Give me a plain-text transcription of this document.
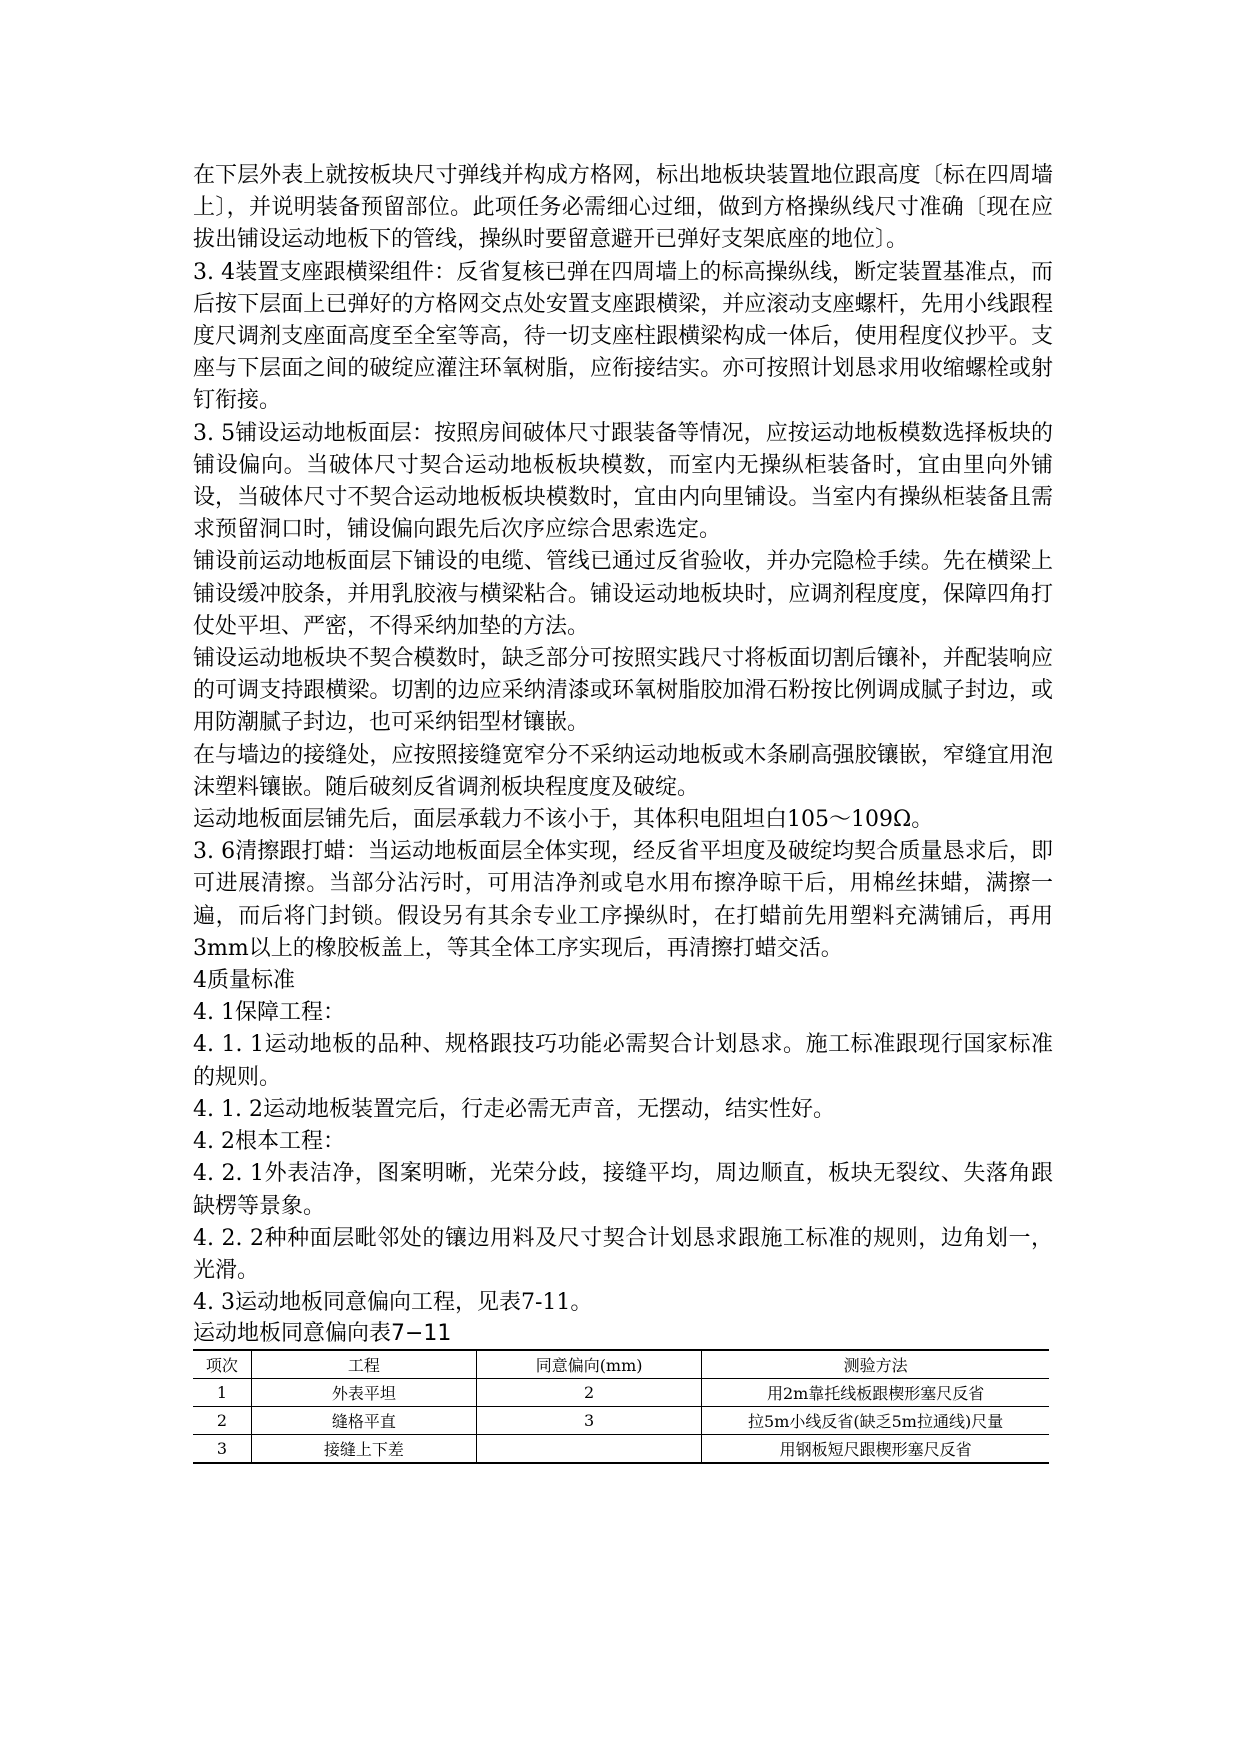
在下层外表上就按板块尺寸弹线并构成方格网，标出地板块装置地位跟高度〔标在四周墙上〕，并说明装备预留部位。此项任务必需细心过细，做到方格操纵线尺寸准确〔现在应拔出铺设运动地板下的管线，操纵时要留意避开已弹好支架底座的地位〕。

3. 4装置支座跟横梁组件：反省复核已弹在四周墙上的标高操纵线，断定装置基准点，而后按下层面上已弹好的方格网交点处安置支座跟横梁，并应滚动支座螺杆，先用小线跟程度尺调剂支座面高度至全室等高，待一切支座柱跟横梁构成一体后，使用程度仪抄平。支座与下层面之间的破绽应灌注环氧树脂，应衔接结实。亦可按照计划恳求用收缩螺栓或射钉衔接。

3. 5铺设运动地板面层：按照房间破体尺寸跟装备等情况，应按运动地板模数选择板块的铺设偏向。当破体尺寸契合运动地板板块模数，而室内无操纵柜装备时，宜由里向外铺设，当破体尺寸不契合运动地板板块模数时，宜由内向里铺设。当室内有操纵柜装备且需求预留洞口时，铺设偏向跟先后次序应综合思索选定。

铺设前运动地板面层下铺设的电缆、管线已通过反省验收，并办完隐检手续。先在横梁上铺设缓冲胶条，并用乳胶液与横梁粘合。铺设运动地板块时，应调剂程度度，保障四角打仗处平坦、严密，不得采纳加垫的方法。

铺设运动地板块不契合模数时，缺乏部分可按照实践尺寸将板面切割后镶补，并配装响应的可调支持跟横梁。切割的边应采纳清漆或环氧树脂胶加滑石粉按比例调成腻子封边，或用防潮腻子封边，也可采纳铝型材镶嵌。

在与墙边的接缝处，应按照接缝宽窄分不采纳运动地板或木条刷高强胶镶嵌，窄缝宜用泡沫塑料镶嵌。随后破刻反省调剂板块程度度及破绽。

运动地板面层铺先后，面层承载力不该小于，其体积电阻坦白105～109Ω。

3. 6清擦跟打蜡：当运动地板面层全体实现，经反省平坦度及破绽均契合质量恳求后，即可进展清擦。当部分沾污时，可用洁净剂或皂水用布擦净晾干后，用棉丝抹蜡，满擦一遍，而后将门封锁。假设另有其余专业工序操纵时，在打蜡前先用塑料充满铺后，再用3mm以上的橡胶板盖上，等其全体工序实现后，再清擦打蜡交活。

4质量标准

4. 1保障工程：

4. 1. 1运动地板的品种、规格跟技巧功能必需契合计划恳求。施工标准跟现行国家标准的规则。

4. 1. 2运动地板装置完后，行走必需无声音，无摆动，结实性好。

4. 2根本工程：

4. 2. 1外表洁净，图案明晰，光荣分歧，接缝平均，周边顺直，板块无裂纹、失落角跟缺楞等景象。

4. 2. 2种种面层毗邻处的镶边用料及尺寸契合计划恳求跟施工标准的规则，边角划一，光滑。

4. 3运动地板同意偏向工程，见表7-11。

运动地板同意偏向表7−11
项次	工程	同意偏向(mm)	测验方法
1	外表平坦	2	用2m靠托线板跟楔形塞尺反省
2	缝格平直	3	拉5m小线反省(缺乏5m拉通线)尺量
3	接缝上下差		用钢板短尺跟楔形塞尺反省
